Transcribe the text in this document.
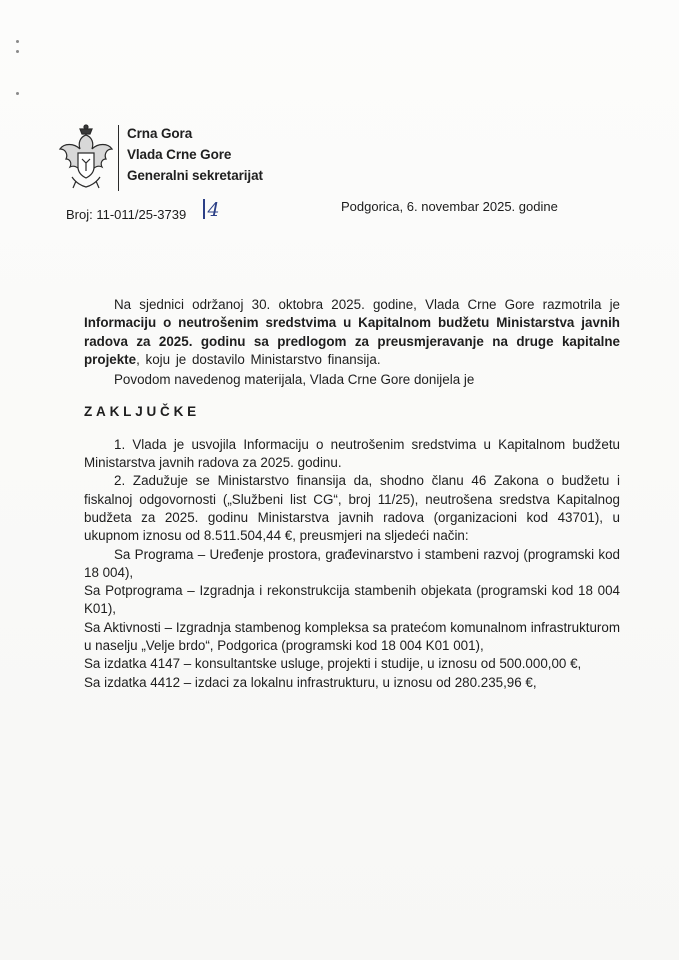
Crna Gora
Vlada Crne Gore
Generalni sekretarijat
Broj: 11-011/25-3739 4	Podgorica, 6. novembar 2025. godine

Na sjednici održanoj 30. oktobra 2025. godine, Vlada Crne Gore razmotrila je Informaciju o neutrošenim sredstvima u Kapitalnom budžetu Ministarstva javnih radova za 2025. godinu sa predlogom za preusmjeravanje na druge kapitalne projekte, koju je dostavilo Ministarstvo finansija.

Povodom navedenog materijala, Vlada Crne Gore donijela je

ZAKLJUČKE

1. Vlada je usvojila Informaciju o neutrošenim sredstvima u Kapitalnom budžetu Ministarstva javnih radova za 2025. godinu.

2. Zadužuje se Ministarstvo finansija da, shodno članu 46 Zakona o budžetu i fiskalnoj odgovornosti („Službeni list CG“, broj 11/25), neutrošena sredstva Kapitalnog budžeta za 2025. godinu Ministarstva javnih radova (organizacioni kod 43701), u ukupnom iznosu od 8.511.504,44 €, preusmjeri na sljedeći način:

Sa Programa – Uređenje prostora, građevinarstvo i stambeni razvoj (programski kod 18 004),

Sa Potprograma – Izgradnja i rekonstrukcija stambenih objekata (programski kod 18 004 K01),

Sa Aktivnosti – Izgradnja stambenog kompleksa sa pratećom komunalnom infrastrukturom u naselju „Velje brdo“, Podgorica (programski kod 18 004 K01 001),

Sa izdatka 4147 – konsultantske usluge, projekti i studije, u iznosu od 500.000,00 €,

Sa izdatka 4412 – izdaci za lokalnu infrastrukturu, u iznosu od 280.235,96 €,
